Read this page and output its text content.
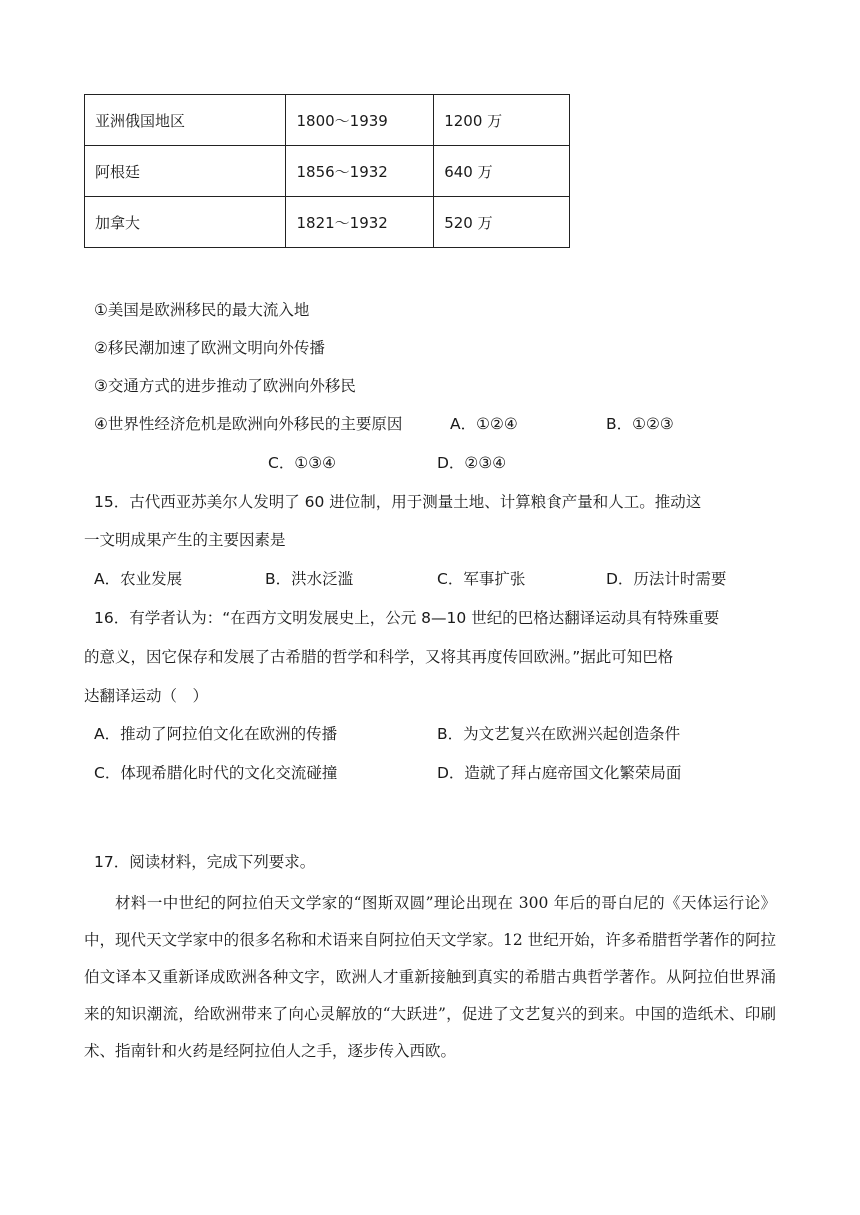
亚洲俄国地区	1800～1939	1200 万
阿根廷	1856～1932	640 万
加拿大	1821～1932	520 万
①美国是欧洲移民的最大流入地
②移民潮加速了欧洲文明向外传播
③交通方式的进步推动了欧洲向外移民
④世界性经济危机是欧洲向外移民的主要原因	A．①②④	B．①②③
C．①③④	D．②③④
15．古代西亚苏美尔人发明了 60 进位制，用于测量土地、计算粮食产量和人工。推动这
一文明成果产生的主要因素是
A．农业发展	B．洪水泛滥	C．军事扩张	D．历法计时需要
16．有学者认为：“在西方文明发展史上，公元 8—10 世纪的巴格达翻译运动具有特殊重要
的意义，因它保存和发展了古希腊的哲学和科学，又将其再度传回欧洲。”据此可知巴格
达翻译运动（　）
A．推动了阿拉伯文化在欧洲的传播	B．为文艺复兴在欧洲兴起创造条件
C．体现希腊化时代的文化交流碰撞	D．造就了拜占庭帝国文化繁荣局面
17．阅读材料，完成下列要求。
材料一中世纪的阿拉伯天文学家的“图斯双圆”理论出现在 300 年后的哥白尼的《天体运行论》中，现代天文学家中的很多名称和术语来自阿拉伯天文学家。12 世纪开始，许多希腊哲学著作的阿拉伯文译本又重新译成欧洲各种文字，欧洲人才重新接触到真实的希腊古典哲学著作。从阿拉伯世界涌来的知识潮流，给欧洲带来了向心灵解放的“大跃进”，促进了文艺复兴的到来。中国的造纸术、印刷术、指南针和火药是经阿拉伯人之手，逐步传入西欧。
